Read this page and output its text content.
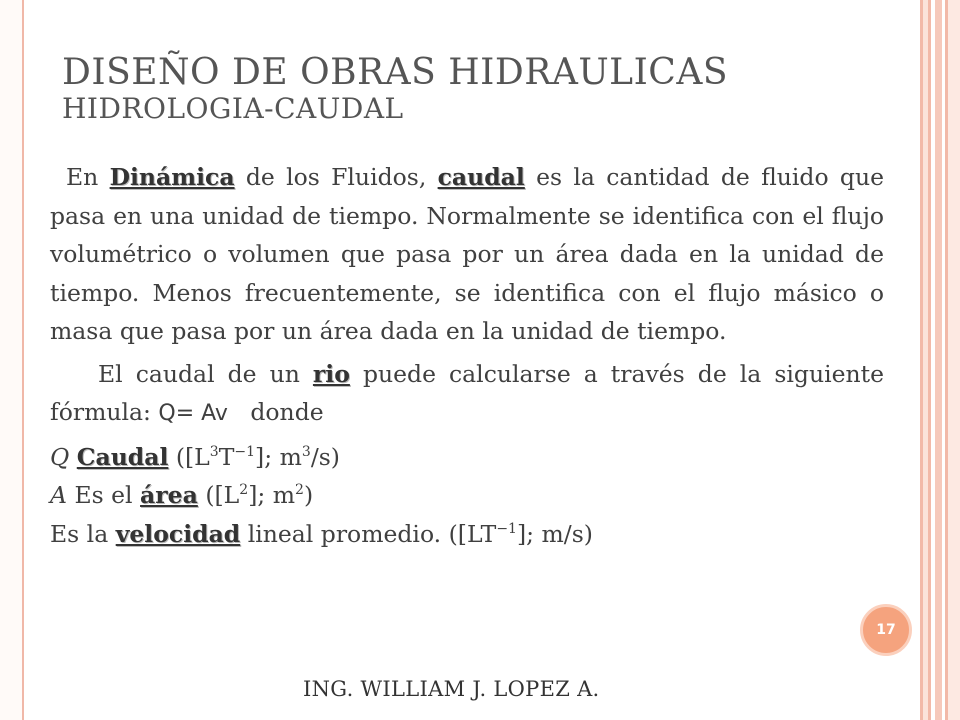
DISEÑO DE OBRAS HIDRAULICAS
HIDROLOGIA-CAUDAL

En Dinámica de los Fluidos, caudal es la cantidad de fluido que pasa en una unidad de tiempo. Normalmente se identifica con el flujo volumétrico o volumen que pasa por un área dada en la unidad de tiempo. Menos frecuentemente, se identifica con el flujo másico o masa que pasa por un área dada en la unidad de tiempo.

El caudal de un rio puede calcularse a través de la siguiente fórmula: Q= Av   donde

Q Caudal ($[L^3T^{-1}]$; $m^3/s$)

A Es el área ($[L^2]$; $m^2$)

Es la velocidad lineal promedio. ($[LT^{-1}]$; m/s)

17
ING. WILLIAM J. LOPEZ A.
